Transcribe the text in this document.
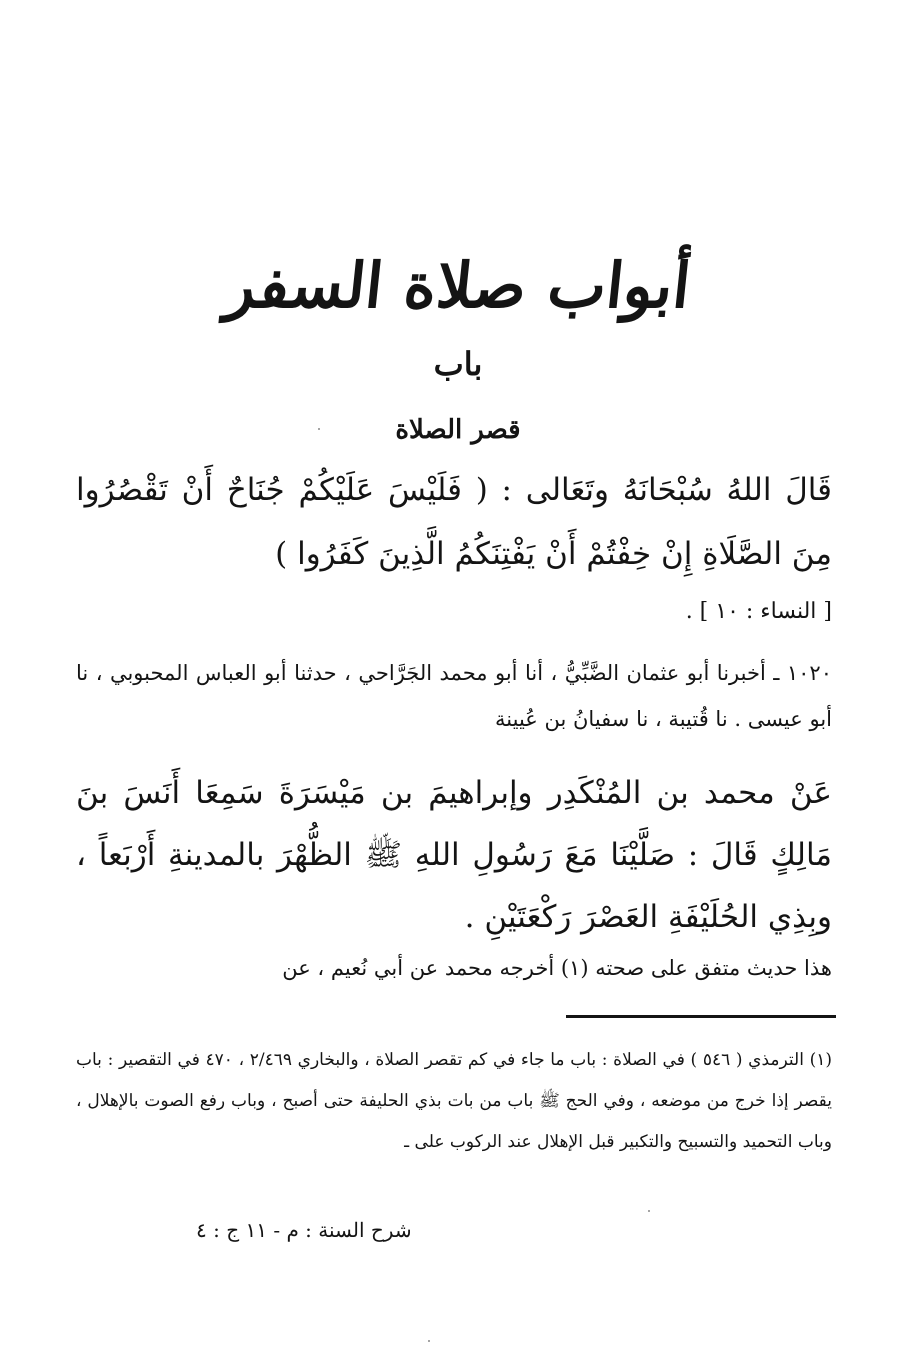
أبواب صلاة السفر
باب
قصر الصلاة
قَالَ اللهُ سُبْحَانَهُ وتَعَالى : ( فَلَيْسَ عَلَيْكُمْ جُنَاحٌ أَنْ تَقْصُرُوا مِنَ الصَّلَاةِ إِنْ خِفْتُمْ أَنْ يَفْتِنَكُمُ الَّذِينَ كَفَرُوا )
[ النساء : ١٠ ] .
١٠٢٠ ـ أخبرنا أبو عثمان الضَّبِّيُّ ، أنا أبو محمد الجَرَّاحي ، حدثنا أبو العباس المحبوبي ، نا أبو عيسى . نا قُتيبة ، نا سفيانُ بن عُيينة
عَنْ محمد بن المُنْكَدِر وإبراهيمَ بن مَيْسَرَةَ سَمِعَا أَنَسَ بنَ مَالِكٍ قَالَ : صَلَّيْنَا مَعَ رَسُولِ اللهِ ﷺ الظُّهْرَ بالمدينةِ أَرْبَعاً ، وبِذِي الحُلَيْفَةِ العَصْرَ رَكْعَتَيْنِ .
هذا حديث متفق على صحته (١) أخرجه محمد عن أبي نُعيم ، عن
(١) الترمذي ( ٥٤٦ ) في الصلاة : باب ما جاء في كم تقصر الصلاة ، والبخاري ٢/٤٦٩ ، ٤٧٠ في التقصير : باب يقصر إذا خرج من موضعه ، وفي الحج ﷺ باب من بات بذي الحليفة حتى أصبح ، وباب رفع الصوت بالإهلال ، وباب التحميد والتسبيح والتكبير قبل الإهلال عند الركوب على ـ
شرح السنة : م - ١١ ج : ٤
